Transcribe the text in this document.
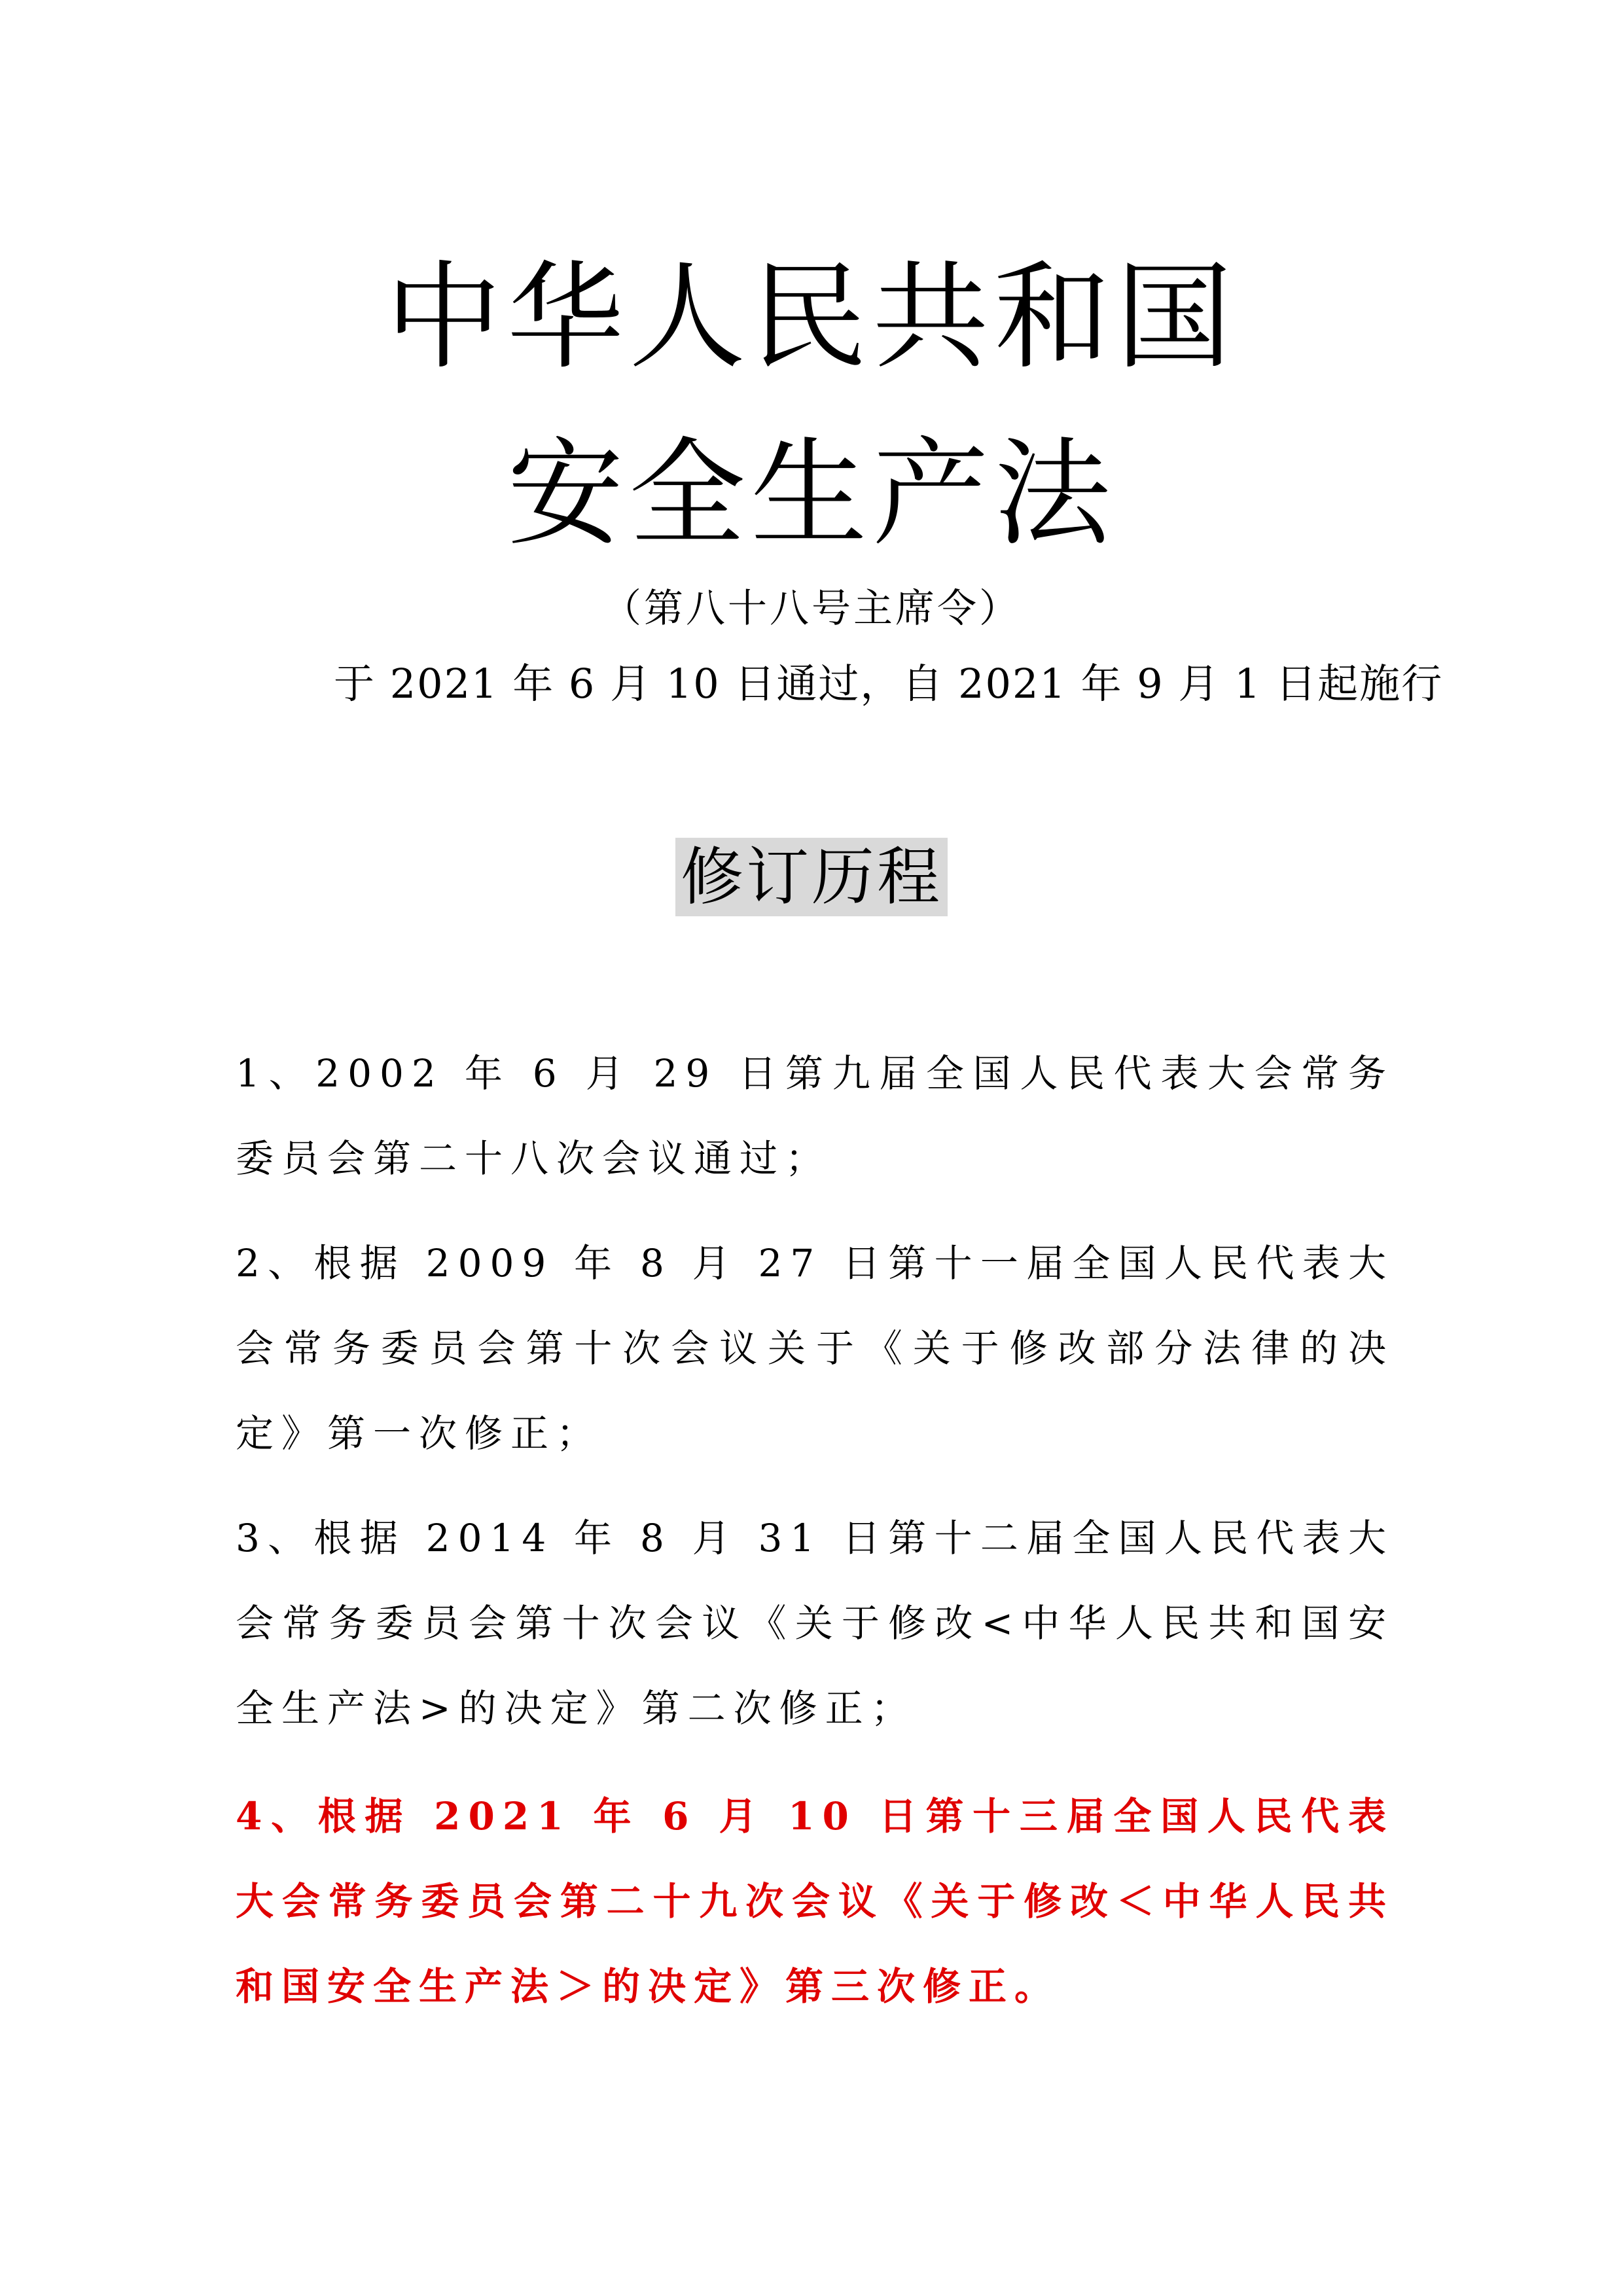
中华人民共和国
安全生产法
（第八十八号主席令）
于 2021 年 6 月 10 日通过，自 2021 年 9 月 1 日起施行
修订历程
1、2002 年 6 月 29 日第九届全国人民代表大会常务委员会第二十八次会议通过；
2、根据 2009 年 8 月 27 日第十一届全国人民代表大会常务委员会第十次会议关于《关于修改部分法律的决定》第一次修正；
3、根据 2014 年 8 月 31 日第十二届全国人民代表大会常务委员会第十次会议《关于修改<中华人民共和国安全生产法>的决定》第二次修正；
4、根据 2021 年 6 月 10 日第十三届全国人民代表大会常务委员会第二十九次会议《关于修改＜中华人民共和国安全生产法＞的决定》第三次修正。
